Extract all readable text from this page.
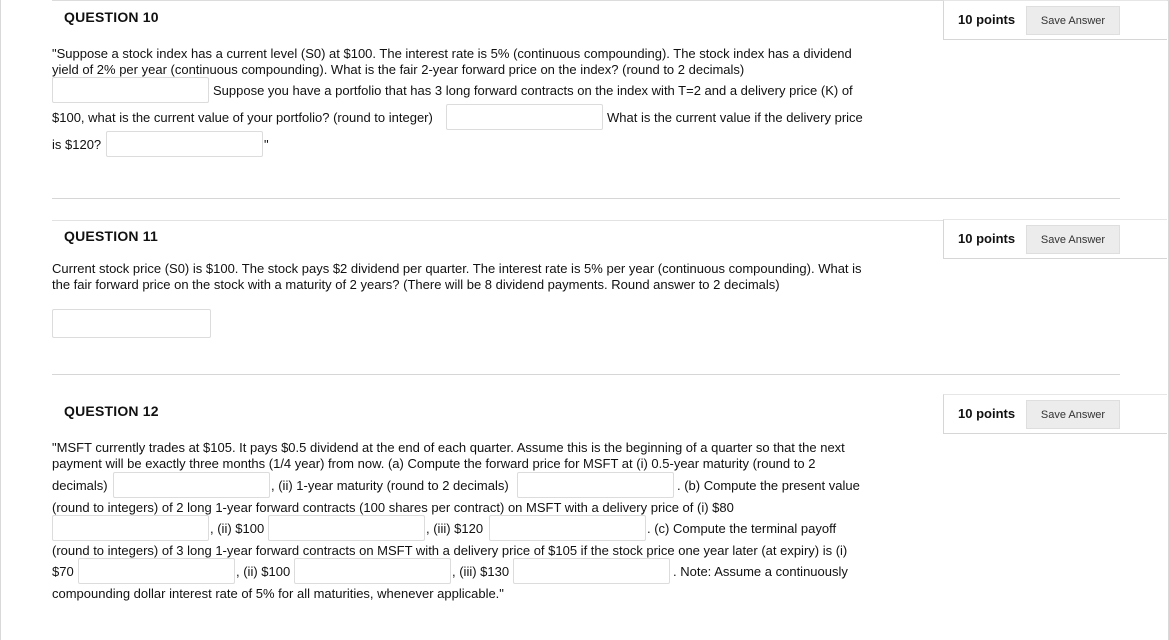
QUESTION 10	10 points	Save Answer
"Suppose a stock index has a current level (S0) at $100. The interest rate is 5% (continuous compounding). The stock index has a dividend yield of 2% per year (continuous compounding). What is the fair 2-year forward price on the index? (round to 2 decimals)
Suppose you have a portfolio that has 3 long forward contracts on the index with T=2 and a delivery price (K) of
$100, what is the current value of your portfolio? (round to integer)	What is the current value if the delivery price
is $120?	"
QUESTION 11	10 points	Save Answer
Current stock price (S0) is $100. The stock pays $2 dividend per quarter. The interest rate is 5% per year (continuous compounding). What is the fair forward price on the stock with a maturity of 2 years? (There will be 8 dividend payments. Round answer to 2 decimals)
QUESTION 12	10 points	Save Answer
"MSFT currently trades at $105. It pays $0.5 dividend at the end of each quarter. Assume this is the beginning of a quarter so that the next payment will be exactly three months (1/4 year) from now. (a) Compute the forward price for MSFT at (i) 0.5-year maturity (round to 2
decimals)	, (ii) 1-year maturity (round to 2 decimals)	. (b) Compute the present value
(round to integers) of 2 long 1-year forward contracts (100 shares per contract) on MSFT with a delivery price of (i) $80
, (ii) $100	, (iii) $120	. (c) Compute the terminal payoff
(round to integers) of 3 long 1-year forward contracts on MSFT with a delivery price of $105 if the stock price one year later (at expiry) is (i)
$70	, (ii) $100	, (iii) $130	. Note: Assume a continuously
compounding dollar interest rate of 5% for all maturities, whenever applicable."
